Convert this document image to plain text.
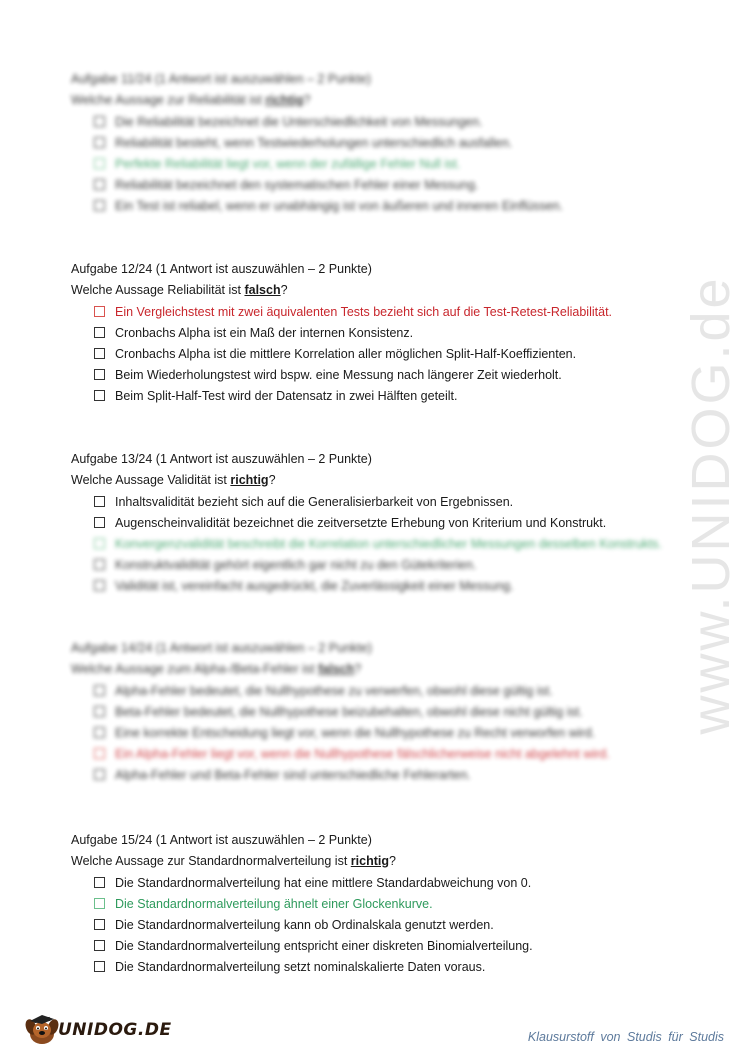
www.UNIDOG.de
Aufgabe 11/24 (1 Antwort ist auszuwählen – 2 Punkte)
Welche Aussage zur Reliabilität ist richtig?
Die Reliabilität bezeichnet die Unterschiedlichkeit von Messungen.
Reliabilität besteht, wenn Testwiederholungen unterschiedlich ausfallen.
Perfekte Reliabilität liegt vor, wenn der zufällige Fehler Null ist.
Reliabilität bezeichnet den systematischen Fehler einer Messung.
Ein Test ist reliabel, wenn er unabhängig ist von äußeren und inneren Einflüssen.
Aufgabe 12/24 (1 Antwort ist auszuwählen – 2 Punkte)
Welche Aussage Reliabilität ist falsch?
Ein Vergleichstest mit zwei äquivalenten Tests bezieht sich auf die Test-Retest-Reliabilität.
Cronbachs Alpha ist ein Maß der internen Konsistenz.
Cronbachs Alpha ist die mittlere Korrelation aller möglichen Split-Half-Koeffizienten.
Beim Wiederholungstest wird bspw. eine Messung nach längerer Zeit wiederholt.
Beim Split-Half-Test wird der Datensatz in zwei Hälften geteilt.
Aufgabe 13/24 (1 Antwort ist auszuwählen – 2 Punkte)
Welche Aussage Validität ist richtig?
Inhaltsvalidität bezieht sich auf die Generalisierbarkeit von Ergebnissen.
Augenscheinvalidität bezeichnet die zeitversetzte Erhebung von Kriterium und Konstrukt.
Konvergenzvalidität beschreibt die Korrelation unterschiedlicher Messungen desselben Konstrukts.
Konstruktvalidität gehört eigentlich gar nicht zu den Gütekriterien.
Validität ist, vereinfacht ausgedrückt, die Zuverlässigkeit einer Messung.
Aufgabe 14/24 (1 Antwort ist auszuwählen – 2 Punkte)
Welche Aussage zum Alpha-/Beta-Fehler ist falsch?
Alpha-Fehler bedeutet, die Nullhypothese zu verwerfen, obwohl diese gültig ist.
Beta-Fehler bedeutet, die Nullhypothese beizubehalten, obwohl diese nicht gültig ist.
Eine korrekte Entscheidung liegt vor, wenn die Nullhypothese zu Recht verworfen wird.
Ein Alpha-Fehler liegt vor, wenn die Nullhypothese fälschlicherweise nicht abgelehnt wird.
Alpha-Fehler und Beta-Fehler sind unterschiedliche Fehlerarten.
Aufgabe 15/24 (1 Antwort ist auszuwählen – 2 Punkte)
Welche Aussage zur Standardnormalverteilung ist richtig?
Die Standardnormalverteilung hat eine mittlere Standardabweichung von 0.
Die Standardnormalverteilung ähnelt einer Glockenkurve.
Die Standardnormalverteilung kann ob Ordinalskala genutzt werden.
Die Standardnormalverteilung entspricht einer diskreten Binomialverteilung.
Die Standardnormalverteilung setzt nominalskalierte Daten voraus.
UNIDOG.DE	Klausurstoff von Studis für Studis
